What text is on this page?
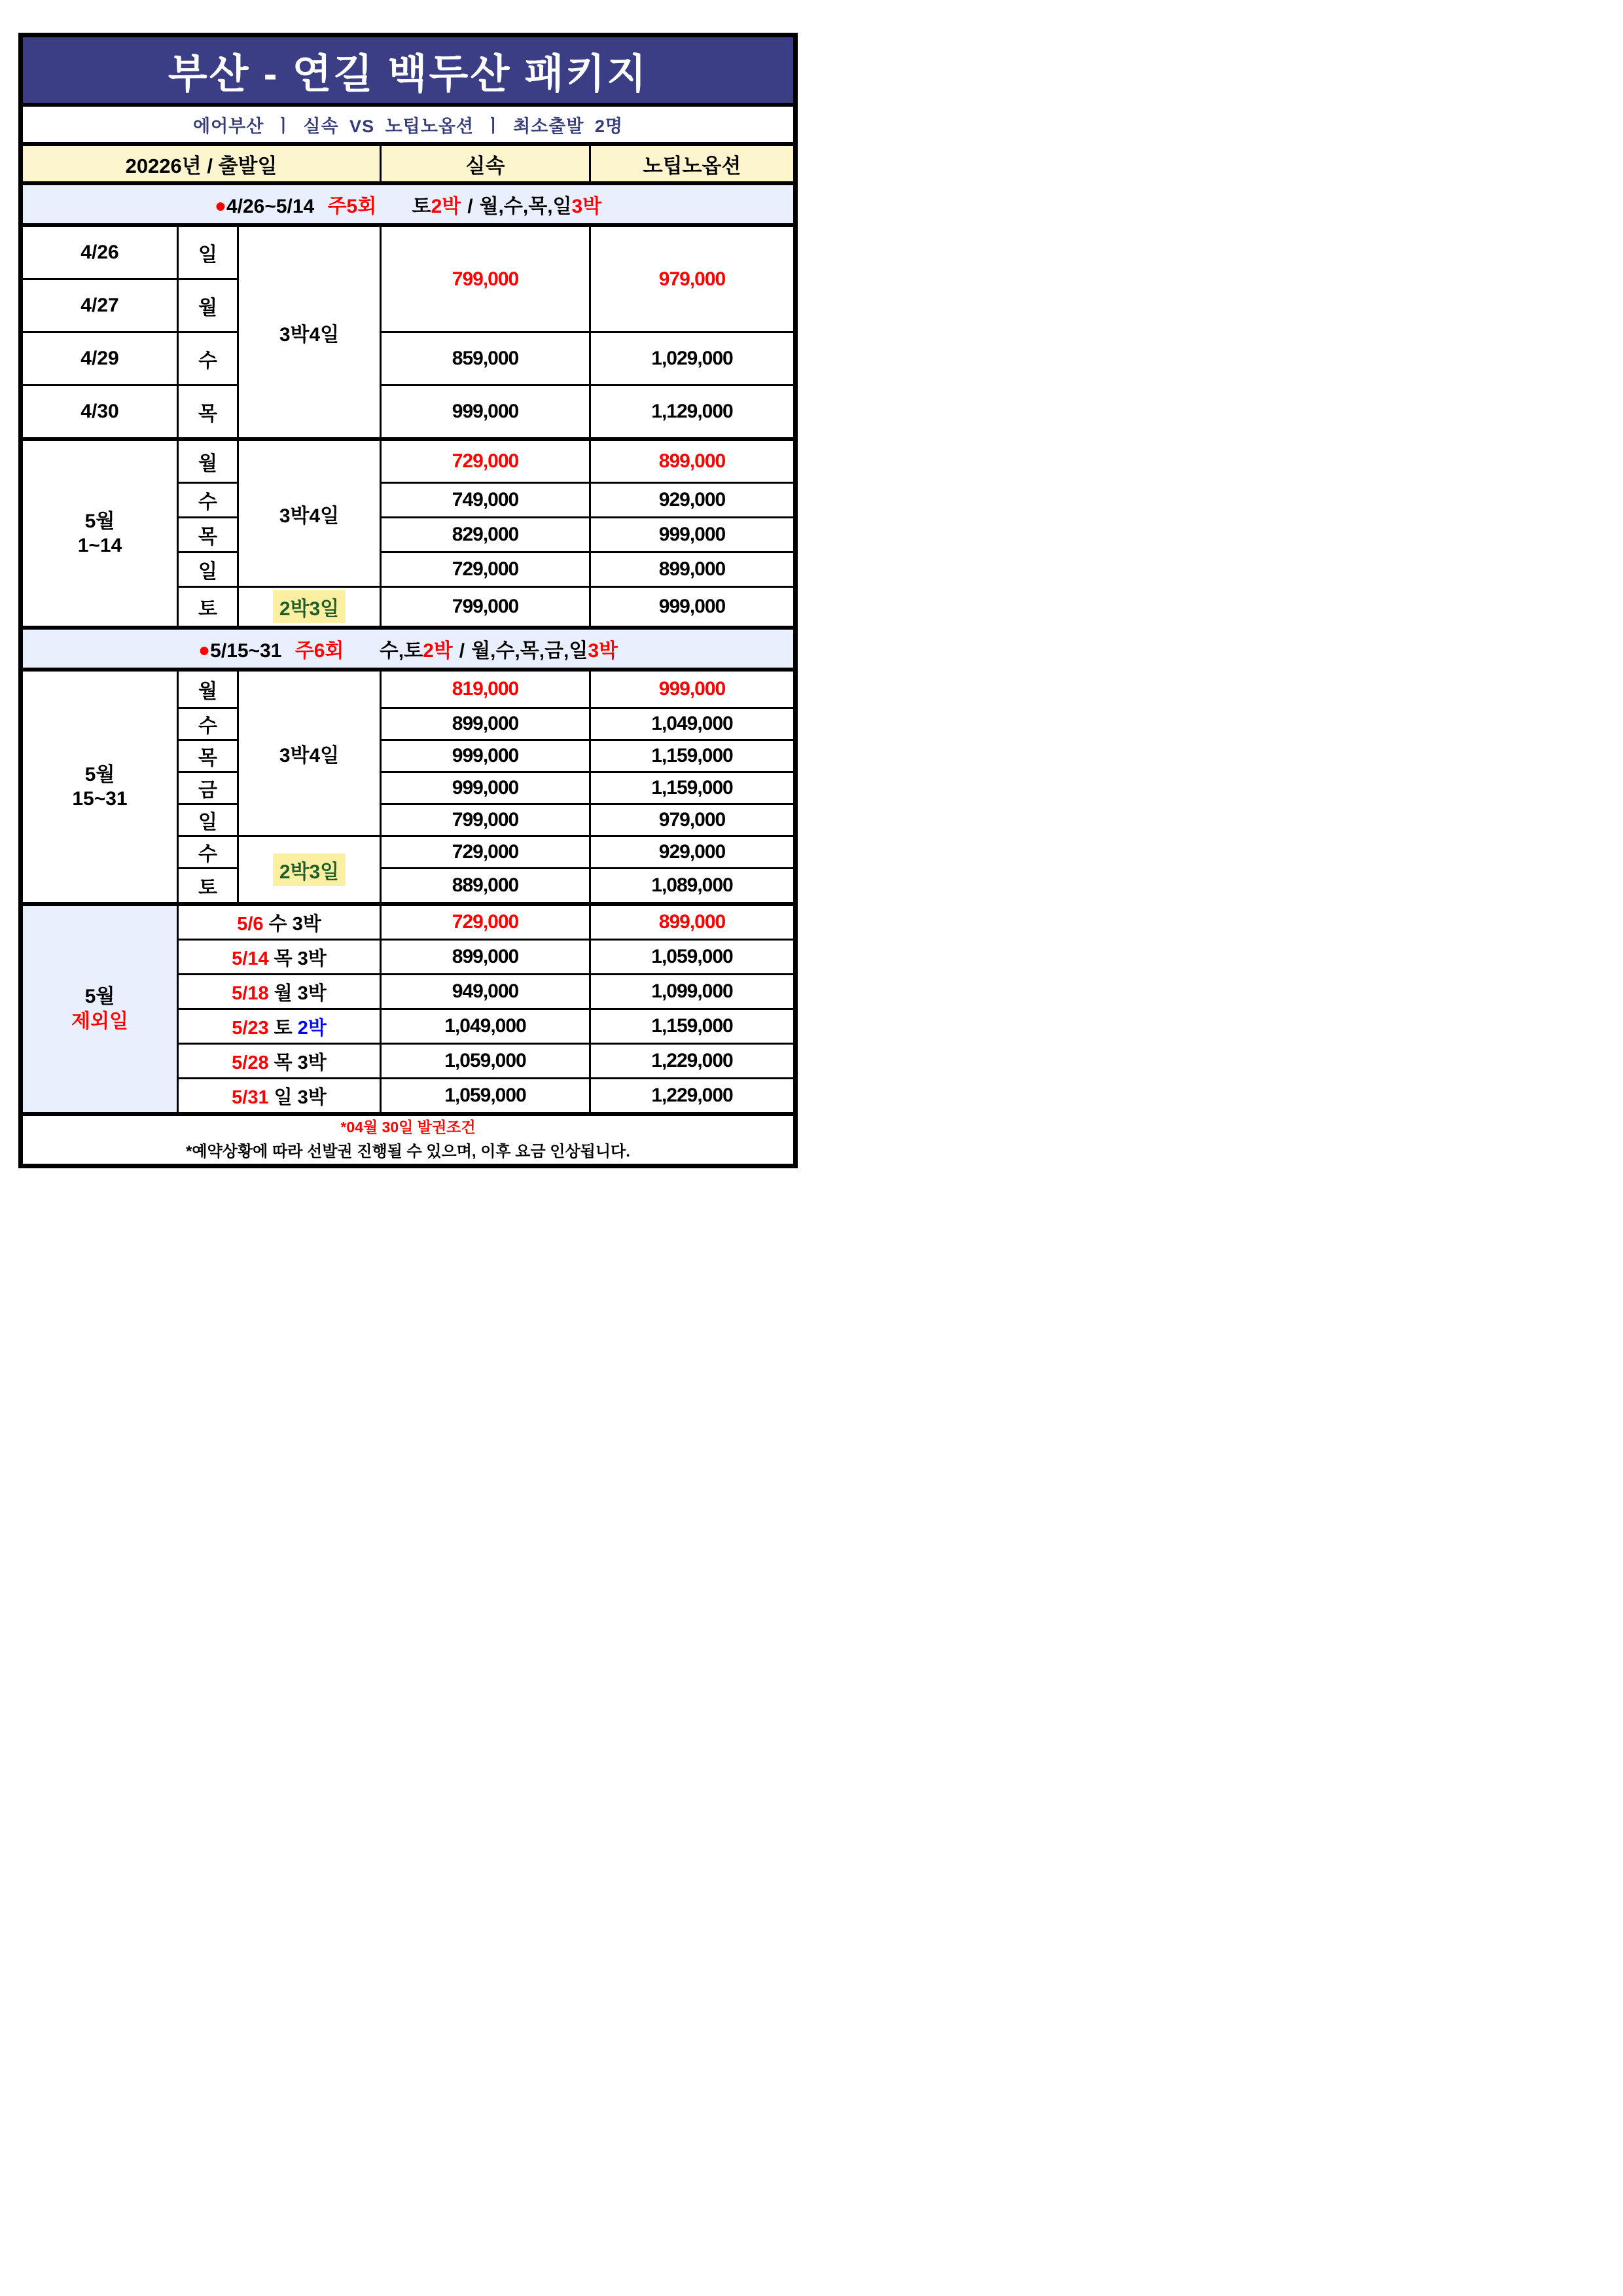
부산 - 연길 백두산 패키지				
에어부산 ㅣ 실속 VS 노팁노옵션 ㅣ 최소출발 2명				
20226년 / 출발일			실속	노팁노옵션
●4/26~5/14 주5회 토2박 / 월,수,목,일3박				
4/26	일	3박4일	799,000	979,000
4/27	월			
4/29	수		859,000	1,029,000
4/30	목		999,000	1,129,000

5월
1~14	월	3박4일	729,000	899,000
	수		749,000	929,000
	목		829,000	999,000
	일		729,000	899,000
	토	2박3일	799,000	999,000
●5/15~31 주6회 수,토2박 / 월,수,목,금,일3박				

5월
15~31	월	3박4일	819,000	999,000
	수		899,000	1,049,000
	목		999,000	1,159,000
	금		999,000	1,159,000
	일		799,000	979,000
	수	2박3일	729,000	929,000
	토		889,000	1,089,000

5월
제외일	5/6 수 3박		729,000	899,000
	5/14 목 3박		899,000	1,059,000
	5/18 월 3박		949,000	1,099,000
	5/23 토 2박		1,049,000	1,159,000
	5/28 목 3박		1,059,000	1,229,000
	5/31 일 3박		1,059,000	1,229,000

*04월 30일 발권조건
*예약상황에 따라 선발권 진행될 수 있으며, 이후 요금 인상됩니다.				
